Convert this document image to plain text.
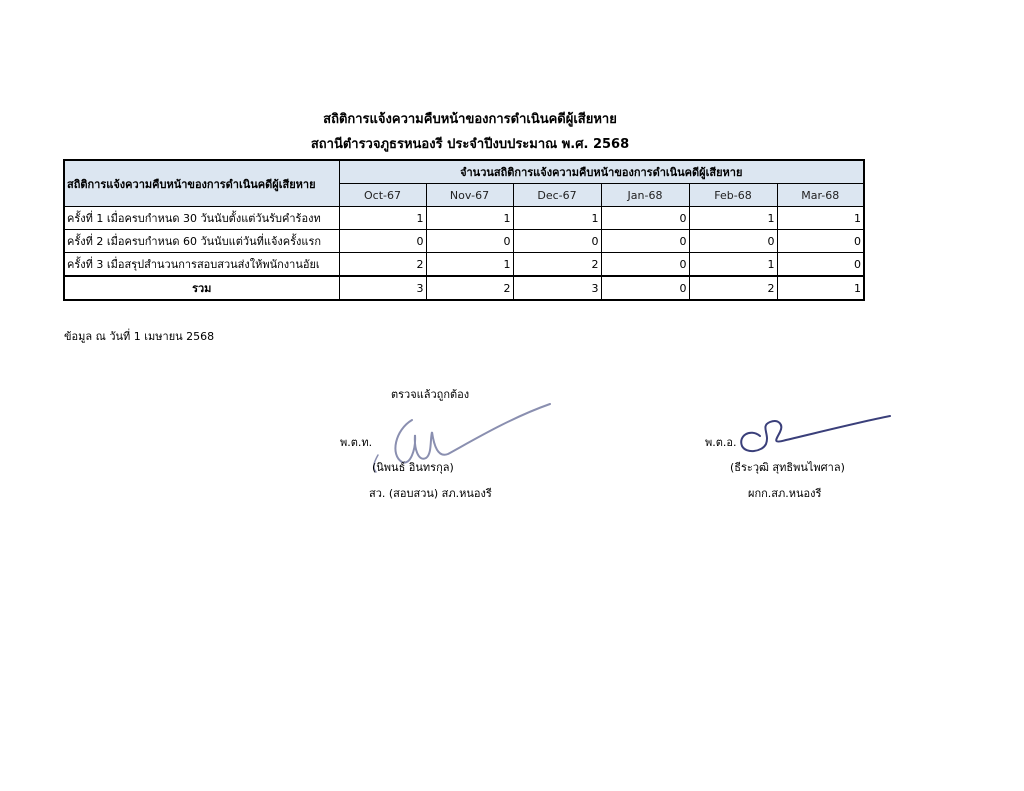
สถิติการแจ้งความคืบหน้าของการดำเนินคดีผู้เสียหาย
สถานีตำรวจภูธรหนองรี ประจำปีงบประมาณ พ.ศ. 2568
สถิติการแจ้งความคืบหน้าของการดำเนินคดีผู้เสียหาย	จำนวนสถิติการแจ้งความคืบหน้าของการดำเนินคดีผู้เสียหาย					
	Oct-67	Nov-67	Dec-67	Jan-68	Feb-68	Mar-68
ครั้งที่ 1 เมื่อครบกำหนด 30 วันนับตั้งแต่วันรับคำร้องท	1	1	1	0	1	1
ครั้งที่ 2 เมื่อครบกำหนด 60 วันนับแต่วันที่แจ้งครั้งแรก	0	0	0	0	0	0
ครั้งที่ 3 เมื่อสรุปสำนวนการสอบสวนส่งให้พนักงานอัยเ	2	1	2	0	1	0
รวม	3	2	3	0	2	1
ข้อมูล ณ วันที่ 1 เมษายน 2568
ตรวจแล้วถูกต้อง
พ.ต.ท.
(นิพนธ์ อินทรกุล)
สว. (สอบสวน) สภ.หนองรี
พ.ต.อ.
(ธีระวุฒิ สุทธิพนไพศาล)
ผกก.สภ.หนองรี
